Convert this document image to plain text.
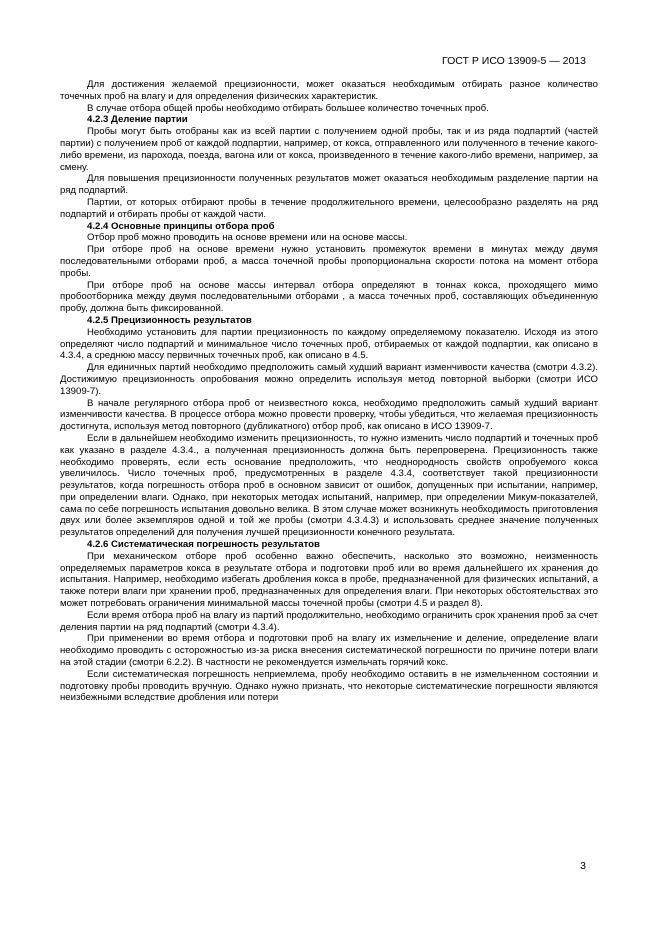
ГОСТ Р ИСО 13909-5 — 2013

Для достижения желаемой прецизионности, может оказаться необходимым отбирать разное количество точечных проб на влагу и для определения физических характеристик.

В случае отбора общей пробы необходимо отбирать большее количество точечных проб.

4.2.3 Деление партии

Пробы могут быть отобраны как из всей партии с получением одной пробы, так и из ряда подпартий (частей партии) с получением проб от каждой подпартии, например, от кокса, отправленного или полученного в течение какого-либо времени, из парохода, поезда, вагона или от кокса, произведенного в течение какого-либо времени, например, за смену.

Для повышения прецизионности полученных результатов может оказаться необходимым разделение партии на ряд подпартий.

Партии, от которых отбирают пробы в течение продолжительного времени, целесообразно разделять на ряд подпартий и отбирать пробы от каждой части.

4.2.4 Основные принципы отбора проб

Отбор проб можно проводить на основе времени или на основе массы.

При отборе проб на основе времени нужно установить промежуток времени в минутах между двумя последовательными отборами проб, а масса точечной пробы пропорциональна скорости потока на момент отбора пробы.

При отборе проб на основе массы интервал отбора определяют в тоннах кокса, проходящего мимо пробоотборника между двумя последовательными отборами , а масса точечных проб, составляющих объединенную пробу, должна быть фиксированной.

4.2.5 Прецизионность результатов

Необходимо установить для партии прецизионность по каждому определяемому показателю. Исходя из этого определяют число подпартий и минимальное число точечных проб, отбираемых от каждой подпартии, как описано в 4.3.4, а среднюю массу первичных точечных проб, как описано в 4.5.

Для единичных партий необходимо предположить самый худший вариант изменчивости качества (смотри 4.3.2). Достижимую прецизионность опробования можно определить используя метод повторной выборки (смотри ИСО 13909-7).

В начале регулярного отбора проб от неизвестного кокса, необходимо предположить самый худший вариант изменчивости качества. В процессе отбора можно провести проверку, чтобы убедиться, что желаемая прецизионность достигнута, используя метод повторного (дубликатного) отбор проб, как описано в ИСО 13909-7.

Если в дальнейшем необходимо изменить прецизионность, то нужно изменить число подпартий и точечных проб как указано в разделе 4.3.4., а полученная прецизионность должна быть перепроверена. Прецизионность также необходимо проверять, если есть основание предположить, что неоднородность свойств опробуемого кокса увеличилось. Число точечных проб, предусмотренных в разделе 4.3.4, соответствует такой прецизионности результатов, когда погрешность отбора проб в основном зависит от ошибок, допущенных при испытании, например, при определении влаги. Однако, при некоторых методах испытаний, например, при определении Микум-показателей, сама по себе погрешность испытания довольно велика. В этом случае может возникнуть необходимость приготовления двух или более экземпляров одной и той же пробы (смотри 4.3.4.3) и использовать среднее значение полученных результатов определений для получения лучшей прецизионности конечного результата.

4.2.6 Систематическая погрешность результатов

При механическом отборе проб особенно важно обеспечить, насколько это возможно, неизменность определяемых параметров кокса в результате отбора и подготовки проб или во время дальнейшего их хранения до испытания. Например, необходимо избегать дробления кокса в пробе, предназначенной для физических испытаний, а также потери влаги при хранении проб, предназначенных для определения влаги. При некоторых обстоятельствах это может потребовать ограничения минимальной массы точечной пробы (смотри 4.5 и раздел 8).

Если время отбора проб на влагу из партий продолжительно, необходимо ограничить срок хранения проб за счет деления партии на ряд подпартий (смотри 4.3.4).

При применении во время отбора и подготовки проб на влагу их измельчение и деление, определение влаги необходимо проводить с осторожностью из-за риска внесения систематической погрешности по причине потери влаги на этой стадии (смотри 6.2.2). В частности не рекомендуется измельчать горячий кокс.

Если систематическая погрешность неприемлема, пробу необходимо оставить в не измельченном состоянии и подготовку пробы проводить вручную. Однако нужно признать, что некоторые систематические погрешности являются неизбежными вследствие дробления или потери

3
